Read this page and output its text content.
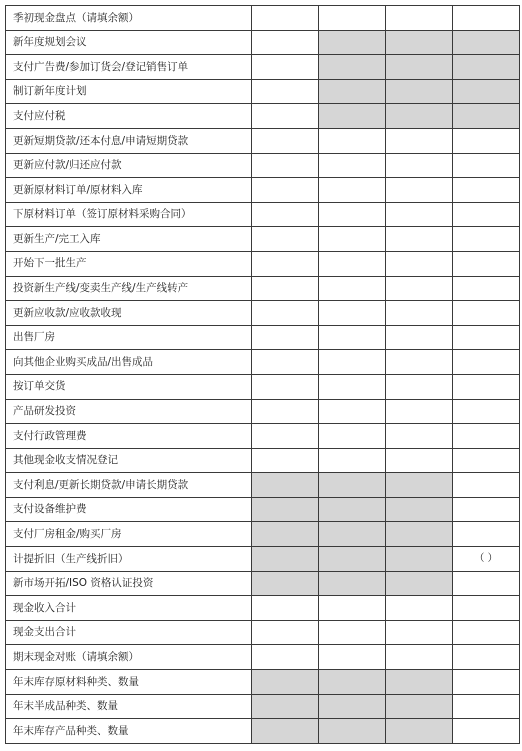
季初现金盘点（请填余额）				
新年度规划会议				
支付广告费/参加订货会/登记销售订单				
制订新年度计划				
支付应付税				
更新短期贷款/还本付息/申请短期贷款				
更新应付款/归还应付款				
更新原材料订单/原材料入库				
下原材料订单（签订原材料采购合同）				
更新生产/完工入库				
开始下一批生产				
投资新生产线/变卖生产线/生产线转产				
更新应收款/应收款收现				
出售厂房				
向其他企业购买成品/出售成品				
按订单交货				
产品研发投资				
支付行政管理费				
其他现金收支情况登记				
支付利息/更新长期贷款/申请长期贷款				
支付设备维护费				
支付厂房租金/购买厂房				
计提折旧（生产线折旧）				（ ）
新市场开拓/ISO 资格认证投资				
现金收入合计				
现金支出合计				
期末现金对账（请填余额）				
年末库存原材料种类、数量				
年末半成品种类、数量				
年末库存产品种类、数量				
